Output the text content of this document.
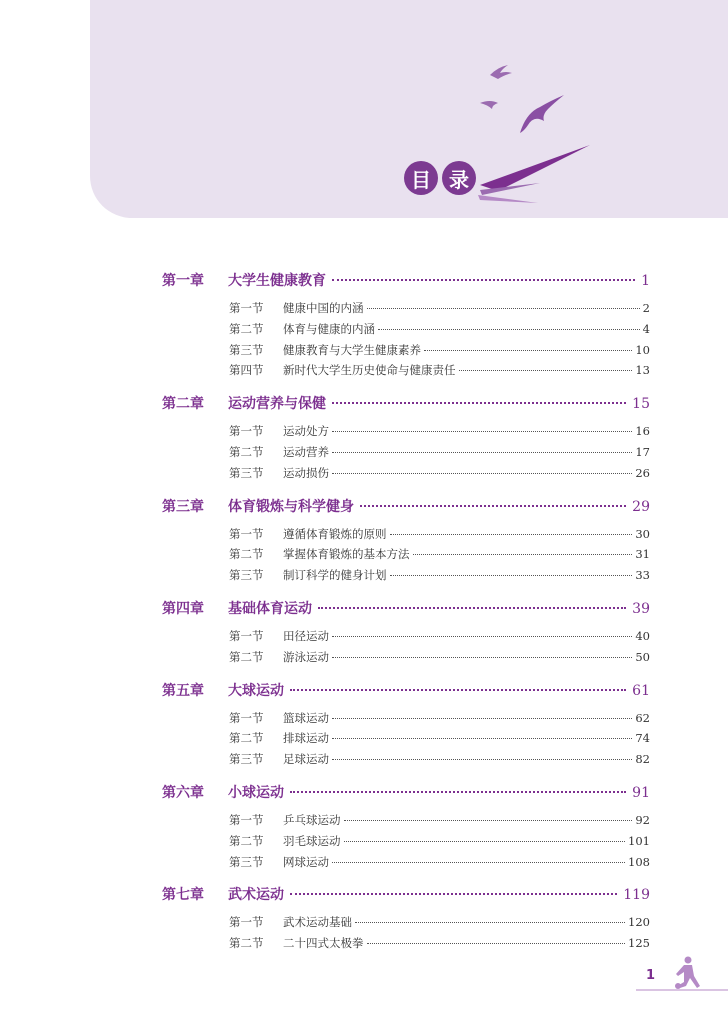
目 录
第一章	大学生健康教育	1
第一节	健康中国的内涵	2
第二节	体育与健康的内涵	4
第三节	健康教育与大学生健康素养	10
第四节	新时代大学生历史使命与健康责任	13
第二章	运动营养与保健	15
第一节	运动处方	16
第二节	运动营养	17
第三节	运动损伤	26
第三章	体育锻炼与科学健身	29
第一节	遵循体育锻炼的原则	30
第二节	掌握体育锻炼的基本方法	31
第三节	制订科学的健身计划	33
第四章	基础体育运动	39
第一节	田径运动	40
第二节	游泳运动	50
第五章	大球运动	61
第一节	篮球运动	62
第二节	排球运动	74
第三节	足球运动	82
第六章	小球运动	91
第一节	乒乓球运动	92
第二节	羽毛球运动	101
第三节	网球运动	108
第七章	武术运动	119
第一节	武术运动基础	120
第二节	二十四式太极拳	125
1
